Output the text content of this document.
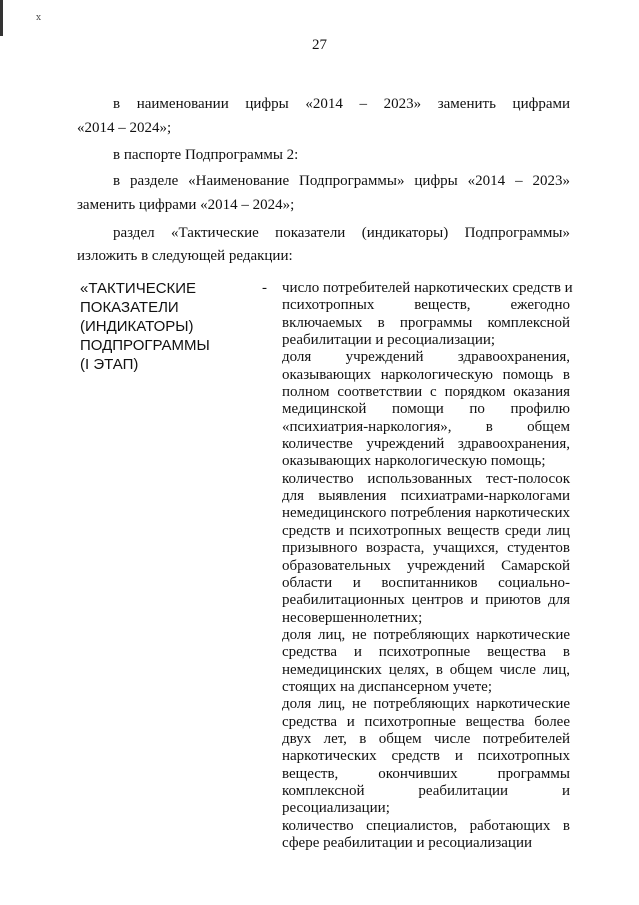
ⅹ
27
в наименовании цифры «2014 – 2023» заменить цифрами
«2014 – 2024»;
в паспорте Подпрограммы 2:
в разделе «Наименование Подпрограммы» цифры «2014 – 2023»
заменить цифрами «2014 – 2024»;
раздел «Тактические показатели (индикаторы) Подпрограммы»
изложить в следующей редакции:
«ТАКТИЧЕСКИЕ
ПОКАЗАТЕЛИ
(ИНДИКАТОРЫ)
ПОДПРОГРАММЫ
(I ЭТАП)
- число потребителей наркотических средств и
психотропных веществ, ежегодно
включаемых в программы комплексной
реабилитации и ресоциализации;
доля учреждений здравоохранения,
оказывающих наркологическую помощь в
полном соответствии с порядком оказания
медицинской помощи по профилю
«психиатрия-наркология», в общем
количестве учреждений здравоохранения,
оказывающих наркологическую помощь;
количество использованных тест-полосок
для выявления психиатрами-наркологами
немедицинского потребления наркотических
средств и психотропных веществ среди лиц
призывного возраста, учащихся, студентов
образовательных учреждений Самарской
области и воспитанников социально-
реабилитационных центров и приютов для
несовершеннолетних;
доля лиц, не потребляющих наркотические
средства и психотропные вещества в
немедицинских целях, в общем числе лиц,
стоящих на диспансерном учете;
доля лиц, не потребляющих наркотические
средства и психотропные вещества более
двух лет, в общем числе потребителей
наркотических средств и психотропных
веществ, окончивших программы
комплексной реабилитации и
ресоциализации;
количество специалистов, работающих в
сфере реабилитации и ресоциализации
